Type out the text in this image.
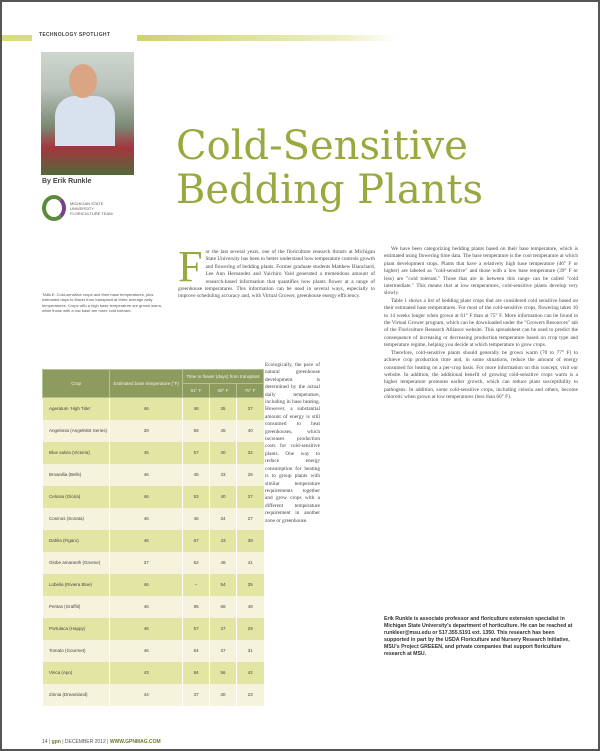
TECHNOLOGY SPOTLIGHT
By Erik Runkle
MICHIGAN STATE
UNIVERSITY
FLORICULTURE TEAM
Cold-Sensitive
Bedding Plants
TABLE: Cold-sensitive crops and their base temperatures, plus estimated days to flower from transplant at three average daily temperatures. Crops with a high base temperature are grown warm, while those with a low base are more cold tolerant.
For the last several years, one of the floriculture research thrusts at Michigan State University has been to better understand how temperature controls growth and flowering of bedding plants. Former graduate students Matthew Blanchard, Lee Ann Hernandez and Yuichiro Vaid generated a tremendous amount of research-based information that quantifies how plants flower at a range of greenhouse temperatures. This information can be used in several ways, especially to improve scheduling accuracy and, with Virtual Grower, greenhouse energy efficiency.
Crop	Estimated base temperature (°F)	Time to flower (days) from transplant		
		61° F	68° F	75° F
Ageratum 'High Tide'	46	48	35	27
Angelonia (AngelMist Series)	39	59	45	40
Blue salvia (Victoria)	45	57	40	32
Browallia (Bells)	46	45	33	26
Celosia (Gloria)	46	53	40	27
Cosmos (Sonata)	46	46	34	27
Dahlia (Figaro)	46	67	43	38
Globe amaranth (Gnome)	37	62	48	41
Lobelia (Riviera Blue)	46	--	54	35
Pentas (Graffiti)	46	95	68	48
Portulaca (Happy)	46	57	37	29
Tomato (Gourmet)	46	64	37	31
Vinca (Apo)	43	84	56	42
Zinnia (Dreamland)	44	37	30	23
Ecologically, the pace of natural greenhouse development is determined by the actual daily temperature, including in base heating. However, a substantial amount of energy is still consumed to heat greenhouses, which increases production costs for cold-sensitive plants. One way to reduce energy consumption for heating is to group plants with similar temperature requirements together and grow crops with a different temperature requirement in another zone or greenhouse.

We have been categorizing bedding plants based on their base temperature, which is estimated using flowering time data. The base temperature is the cool temperature at which plant development stops. Plants that have a relatively high base temperature (46° F or higher) are labeled as "cold-sensitive" and those with a low base temperature (39° F or less) are "cold tolerant." Those that are in between this range can be called "cold intermediate." This means that at low temperatures, cold-sensitive plants develop very slowly.

Table 1 shows a list of bedding plant crops that are considered cold sensitive based on their estimated base temperatures. For most of the cold-sensitive crops, flowering takes 10 to 14 weeks longer when grown at 61° F than at 75° F. More information can be found in the Virtual Grower program, which can be downloaded under the "Growers Resources" tab of the Floriculture Research Alliance website. This spreadsheet can be used to predict the consequence of increasing or decreasing production temperature based on crop type and temperature regime, helping you decide at which temperature to grow crops.

Therefore, cold-sensitive plants should generally be grown warm (70 to 77° F) to achieve crop production time and, in some situations, reduce the amount of energy consumed for heating on a per-crop basis. For more information on this concept, visit our website. In addition, the additional benefit of growing cold-sensitive crops warm is a higher temperature promotes earlier growth, which can reduce plant susceptibility to pathogens. In addition, some cold-sensitive crops, including celosia and others, become chlorotic when grown at low temperatures (less than 60° F).

Erik Runkle is associate professor and floriculture extension specialist in Michigan State University's department of horticulture. He can be reached at runkleer@msu.edu or 517.355.5191 ext. 1350. This research has been supported in part by the USDA Floriculture and Nursery Research Initiative, MSU's Project GREEEN, and private companies that support floriculture research at MSU.
14 | gpn | DECEMBER 2012 | WWW.GPNMAG.COM
